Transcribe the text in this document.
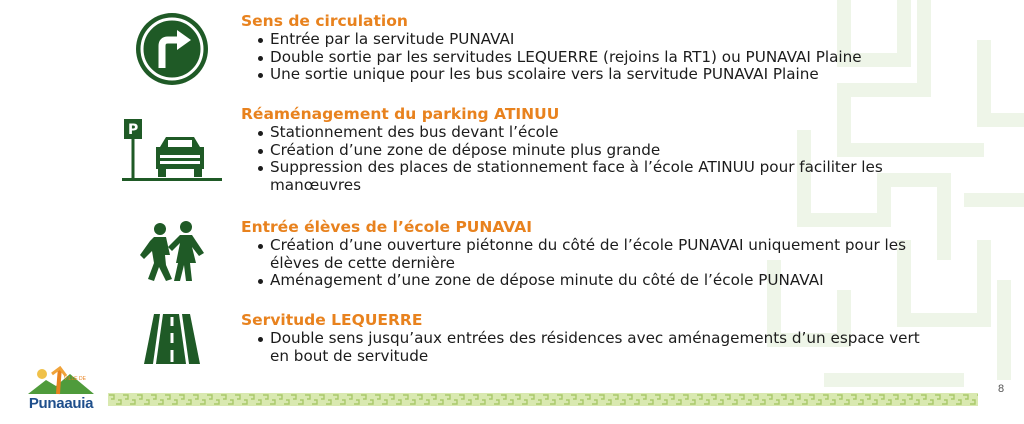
Sens de circulation
Entrée par la servitude PUNAVAI
Double sortie par les servitudes LEQUERRE (rejoins la RT1) ou PUNAVAI Plaine
Une sortie unique pour les bus scolaire vers la servitude PUNAVAI Plaine
P
Réaménagement du parking ATINUU
Stationnement des bus devant l’école
Création d’une zone de dépose minute plus grande
Suppression des places de stationnement face à l’école ATINUU pour faciliter les manœuvres
Entrée élèves de l’école PUNAVAI
Création d’une ouverture piétonne du côté de l’école PUNAVAI uniquement pour les élèves de cette dernière
Aménagement d’une zone de dépose minute du côté de l’école PUNAVAI
Servitude LEQUERRE
Double sens jusqu’aux entrées des résidences avec aménagements d’un espace vert en bout de servitude
VILLE DE
Punaauia
8
